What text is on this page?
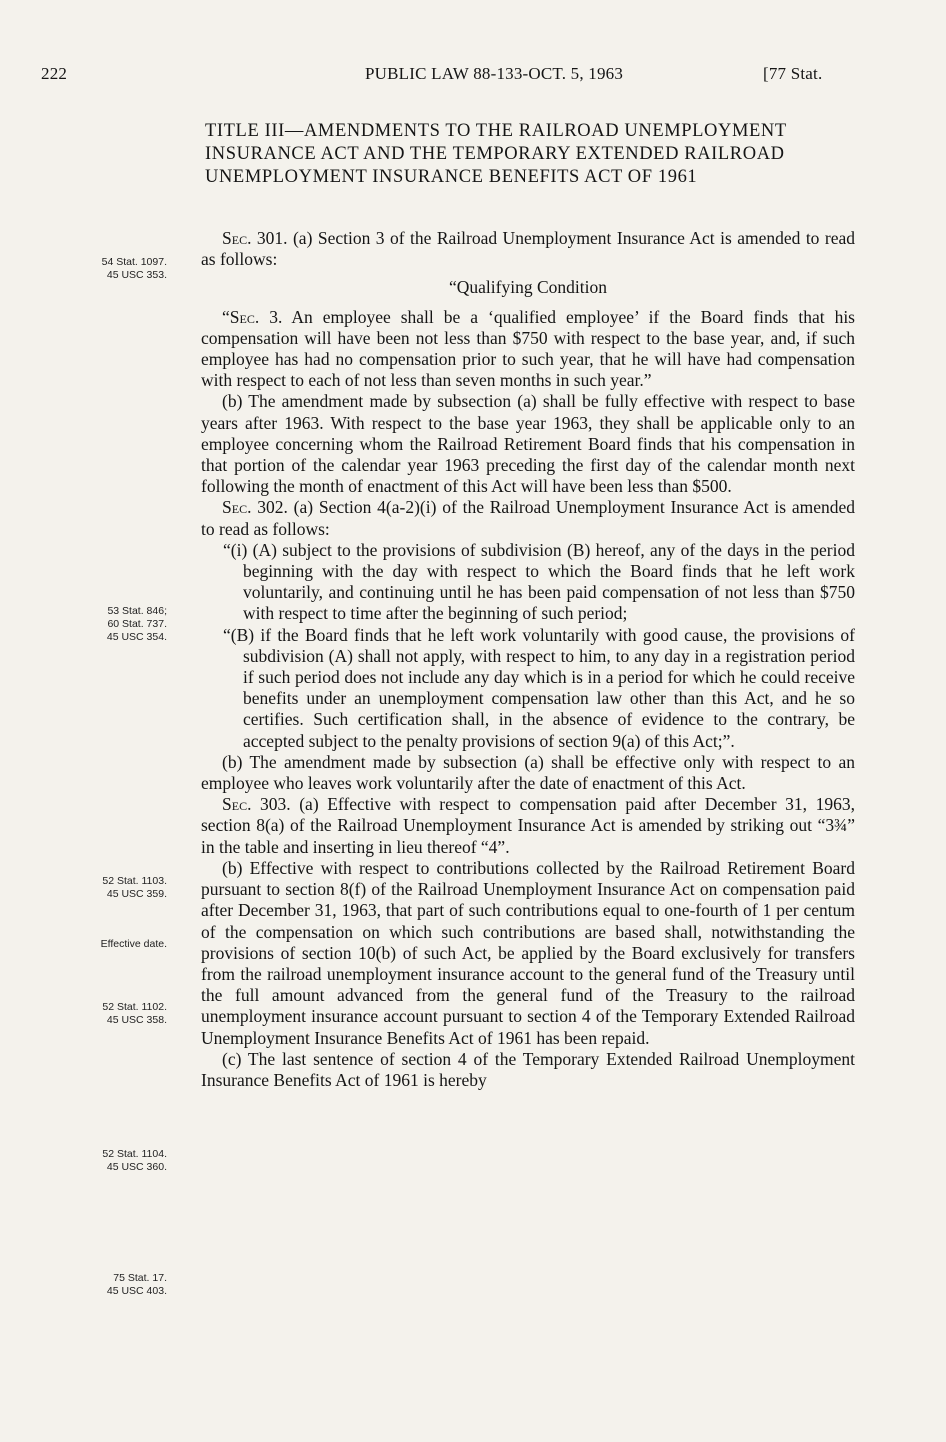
222	PUBLIC LAW 88-133-OCT. 5, 1963	[77 Stat.
TITLE III—AMENDMENTS TO THE RAILROAD UNEMPLOYMENT INSURANCE ACT AND THE TEMPORARY EXTENDED RAILROAD UNEMPLOYMENT INSURANCE BENEFITS ACT OF 1961

Sec. 301. (a) Section 3 of the Railroad Unemployment Insurance Act is amended to read as follows:

“Qualifying Condition

“Sec. 3. An employee shall be a ‘qualified employee’ if the Board finds that his compensation will have been not less than $750 with respect to the base year, and, if such employee has had no compensation prior to such year, that he will have had compensation with respect to each of not less than seven months in such year.”

(b) The amendment made by subsection (a) shall be fully effective with respect to base years after 1963. With respect to the base year 1963, they shall be applicable only to an employee concerning whom the Railroad Retirement Board finds that his compensation in that portion of the calendar year 1963 preceding the first day of the calendar month next following the month of enactment of this Act will have been less than $500.

Sec. 302. (a) Section 4(a-2)(i) of the Railroad Unemployment Insurance Act is amended to read as follows:

“(i) (A) subject to the provisions of subdivision (B) hereof, any of the days in the period beginning with the day with respect to which the Board finds that he left work voluntarily, and continuing until he has been paid compensation of not less than $750 with respect to time after the beginning of such period;

“(B) if the Board finds that he left work voluntarily with good cause, the provisions of subdivision (A) shall not apply, with respect to him, to any day in a registration period if such period does not include any day which is in a period for which he could receive benefits under an unemployment compensation law other than this Act, and he so certifies. Such certification shall, in the absence of evidence to the contrary, be accepted subject to the penalty provisions of section 9(a) of this Act;”.

(b) The amendment made by subsection (a) shall be effective only with respect to an employee who leaves work voluntarily after the date of enactment of this Act.

Sec. 303. (a) Effective with respect to compensation paid after December 31, 1963, section 8(a) of the Railroad Unemployment Insurance Act is amended by striking out “3¾” in the table and inserting in lieu thereof “4”.

(b) Effective with respect to contributions collected by the Railroad Retirement Board pursuant to section 8(f) of the Railroad Unemployment Insurance Act on compensation paid after December 31, 1963, that part of such contributions equal to one-fourth of 1 per centum of the compensation on which such contributions are based shall, notwithstanding the provisions of section 10(b) of such Act, be applied by the Board exclusively for transfers from the railroad unemployment insurance account to the general fund of the Treasury until the full amount advanced from the general fund of the Treasury to the railroad unemployment insurance account pursuant to section 4 of the Temporary Extended Railroad Unemployment Insurance Benefits Act of 1961 has been repaid.

(c) The last sentence of section 4 of the Temporary Extended Railroad Unemployment Insurance Benefits Act of 1961 is hereby

54 Stat. 1097.
45 USC 353.
53 Stat. 846;
60 Stat. 737.
45 USC 354.
52 Stat. 1103.
45 USC 359.
Effective date.
52 Stat. 1102.
45 USC 358.
52 Stat. 1104.
45 USC 360.
75 Stat. 17.
45 USC 403.
